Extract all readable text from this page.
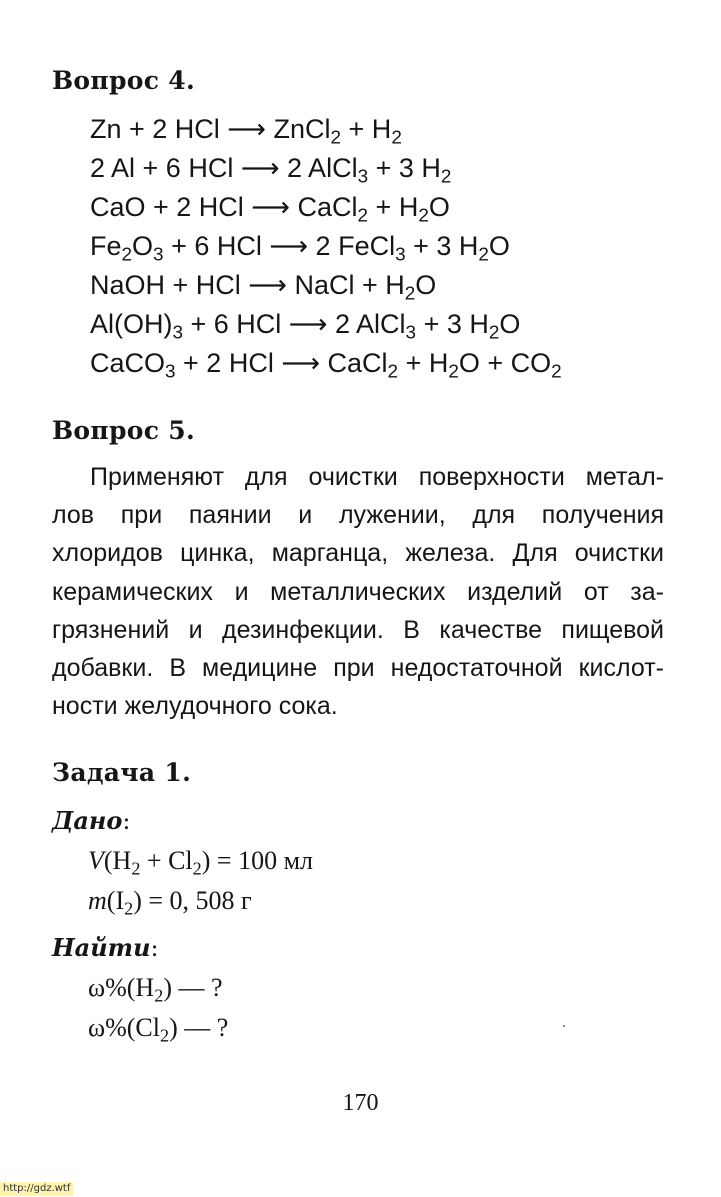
Вопрос 4.

Zn + 2 HCl ⟶ ZnCl$_2$ + $H_2$

2 Al + 6 HCl ⟶ 2 AlCl$_3$ + 3 $H_2$

CaO + 2 HCl ⟶ CaCl$_2$ + $H_2O$

$Fe_2O_3 + 6$ HCl ⟶ 2 FeCl$_3$ + 3 $H_2O$

NaOH + HCl ⟶ NaCl + $H_2O$

$Al(OH)_3 + 6$ HCl ⟶ 2 AlCl$_3$ + 3 $H_2O$

CaCO$_3$ + 2 HCl ⟶ CaCl$_2$ + $H_2O + CO_2$

Вопрос 5.
Применяют для очистки поверхности метал-
лов при паянии и лужении, для получения
хлоридов цинка, марганца, железа. Для очистки
керамических и металлических изделий от за-
грязнений и дезинфекции. В качестве пищевой
добавки. В медицине при недостаточной кислот-
ности желудочного сока.
Задача 1.

Дано:

$V(H_2 + Cl_2) = 100$ мл

$m(I_2) = 0$, 508 г

Найти:

$\omega\%(H_2)$ — ?

$\omega\%(Cl_2)$ — ?

170

http://gdz.wtf
